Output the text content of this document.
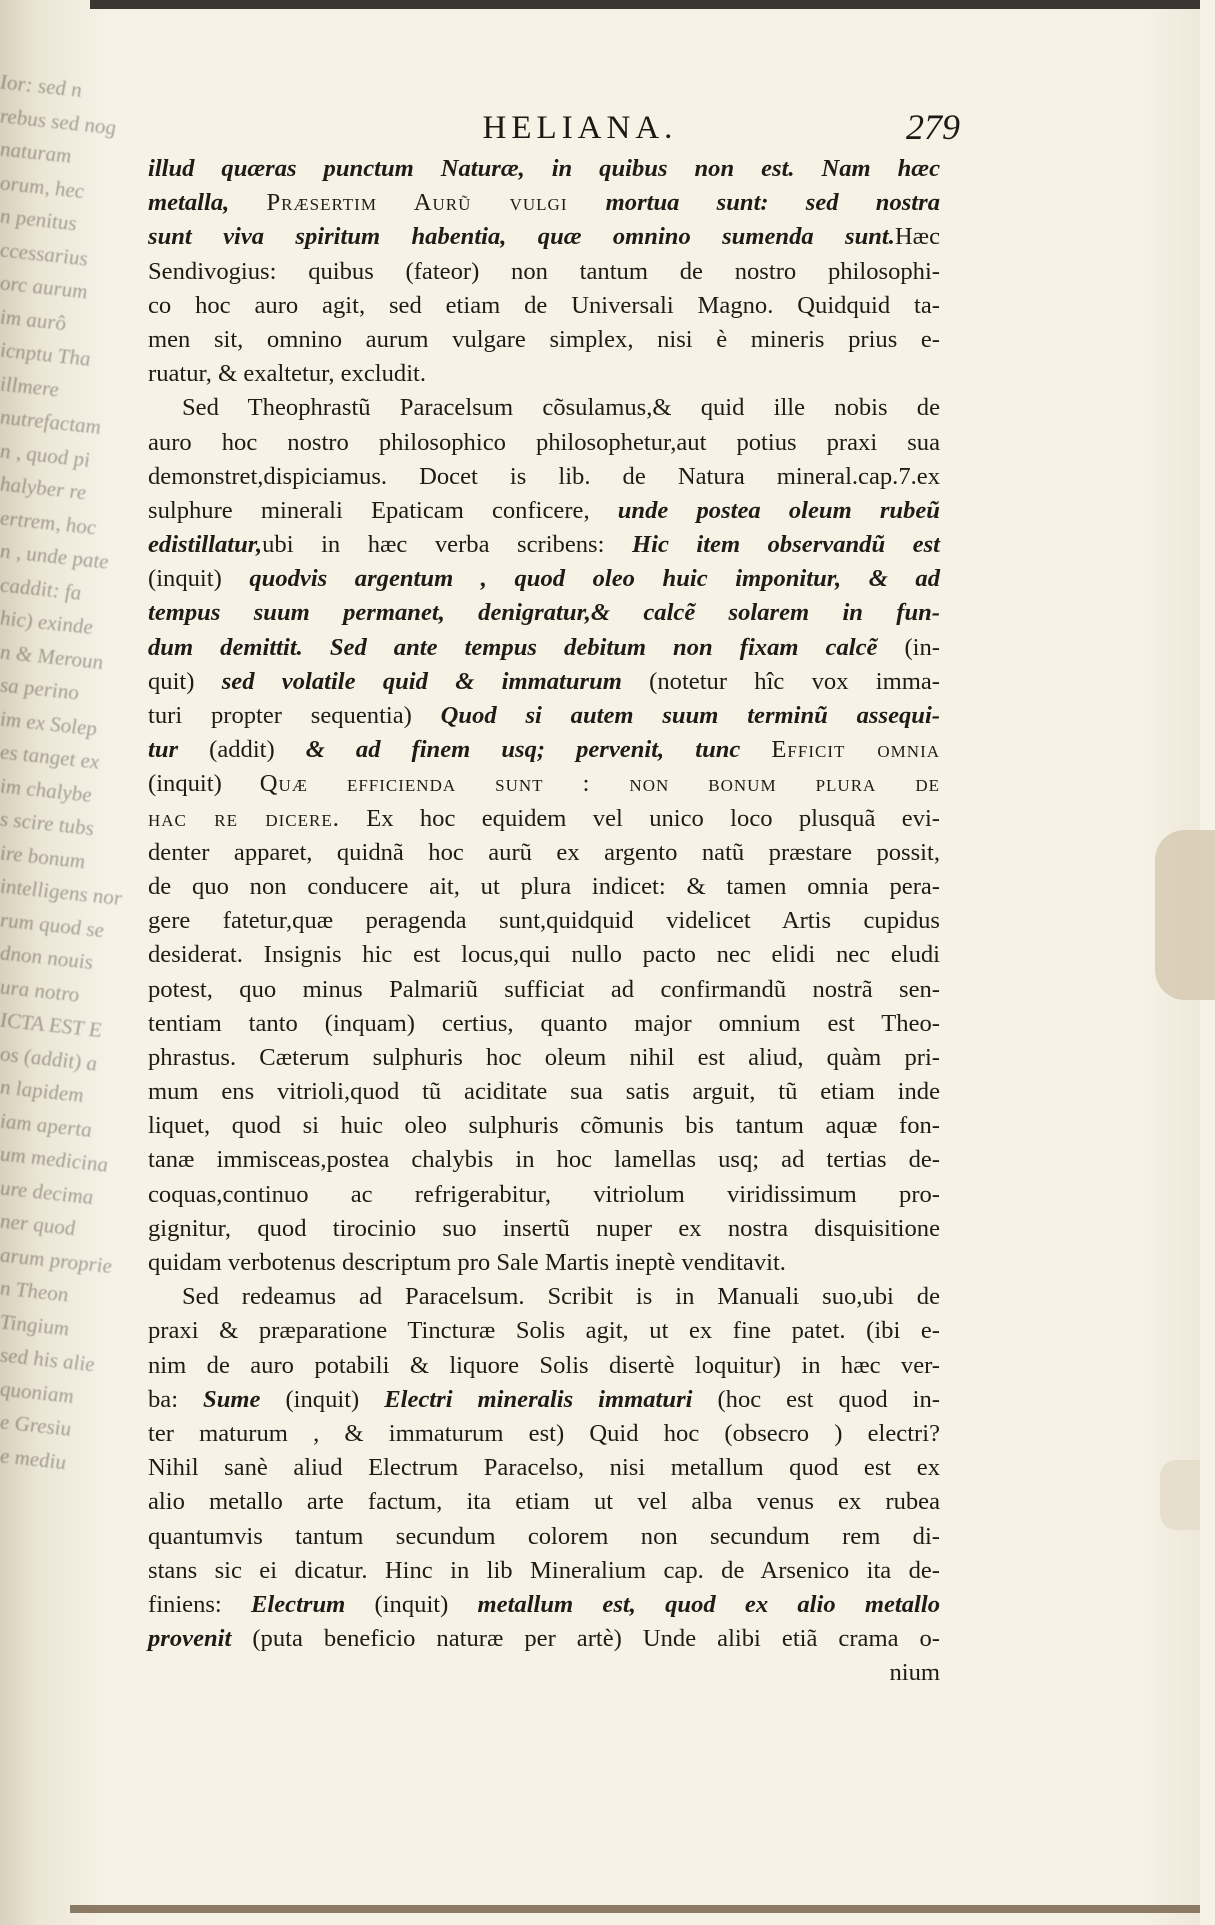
Ior: sed n
rebus sed nog
naturam
orum, hec
n penitus
ccessarius
orc aurum
im aurô
icnptu Tha
illmere
nutrefactam
n , quod pi
halyber re
ertrem, hoc
n , unde pate
caddit: fa
hic) exinde
n & Meroun
sa perino
im ex Solep
es tanget ex
im chalybe
s scire tubs
ire bonum
intelligens nor
rum quod se
dnon nouis
ura notro
ICTA EST E
os (addit) a
n lapidem
iam aperta
um medicina
ure decima
ner quod
arum proprie
n Theon
Tingium
sed his alie
quoniam
e Gresiu
e mediu
HELIANA.	279
illud quæras punctum Naturæ, in quibus non est. Nam hæc
metalla, Præsertim Aurũ vulgi mortua sunt: sed nostra
sunt viva spiritum habentia, quæ omnino sumenda sunt.Hæc
Sendivogius: quibus (fateor) non tantum de nostro philosophi-
co hoc auro agit, sed etiam de Universali Magno. Quidquid ta-
men sit, omnino aurum vulgare simplex, nisi è mineris prius e-
ruatur, & exaltetur, excludit.
Sed Theophrastũ Paracelsum cõsulamus,& quid ille nobis de
auro hoc nostro philosophico philosophetur,aut potius praxi sua
demonstret,dispiciamus. Docet is lib. de Natura mineral.cap.7.ex
sulphure minerali Epaticam conficere, unde postea oleum rubeũ
edistillatur,ubi in hæc verba scribens: Hic item observandũ est
(inquit) quodvis argentum , quod oleo huic imponitur, & ad
tempus suum permanet, denigratur,& calcẽ solarem in fun-
dum demittit. Sed ante tempus debitum non fixam calcẽ (in-
quit) sed volatile quid & immaturum (notetur hîc vox imma-
turi propter sequentia) Quod si autem suum terminũ assequi-
tur (addit) & ad finem usq; pervenit, tunc Efficit omnia
(inquit) Quæ efficienda sunt : non bonum plura de
hac re dicere. Ex hoc equidem vel unico loco plusquã evi-
denter apparet, quidnã hoc aurũ ex argento natũ præstare possit,
de quo non conducere ait, ut plura indicet: & tamen omnia pera-
gere fatetur,quæ peragenda sunt,quidquid videlicet Artis cupidus
desiderat. Insignis hic est locus,qui nullo pacto nec elidi nec eludi
potest, quo minus Palmariũ sufficiat ad confirmandũ nostrã sen-
tentiam tanto (inquam) certius, quanto major omnium est Theo-
phrastus. Cæterum sulphuris hoc oleum nihil est aliud, quàm pri-
mum ens vitrioli,quod tũ aciditate sua satis arguit, tũ etiam inde
liquet, quod si huic oleo sulphuris cõmunis bis tantum aquæ fon-
tanæ immisceas,postea chalybis in hoc lamellas usq; ad tertias de-
coquas,continuo ac refrigerabitur, vitriolum viridissimum pro-
gignitur, quod tirocinio suo insertũ nuper ex nostra disquisitione
quidam verbotenus descriptum pro Sale Martis ineptè venditavit.
Sed redeamus ad Paracelsum. Scribit is in Manuali suo,ubi de
praxi & præparatione Tincturæ Solis agit, ut ex fine patet. (ibi e-
nim de auro potabili & liquore Solis disertè loquitur) in hæc ver-
ba: Sume (inquit) Electri mineralis immaturi (hoc est quod in-
ter maturum , & immaturum est) Quid hoc (obsecro ) electri?
Nihil sanè aliud Electrum Paracelso, nisi metallum quod est ex
alio metallo arte factum, ita etiam ut vel alba venus ex rubea
quantumvis tantum secundum colorem non secundum rem di-
stans sic ei dicatur. Hinc in lib Mineralium cap. de Arsenico ita de-
finiens: Electrum (inquit) metallum est, quod ex alio metallo
provenit (puta beneficio naturæ per artè) Unde alibi etiã crama o-
nium
